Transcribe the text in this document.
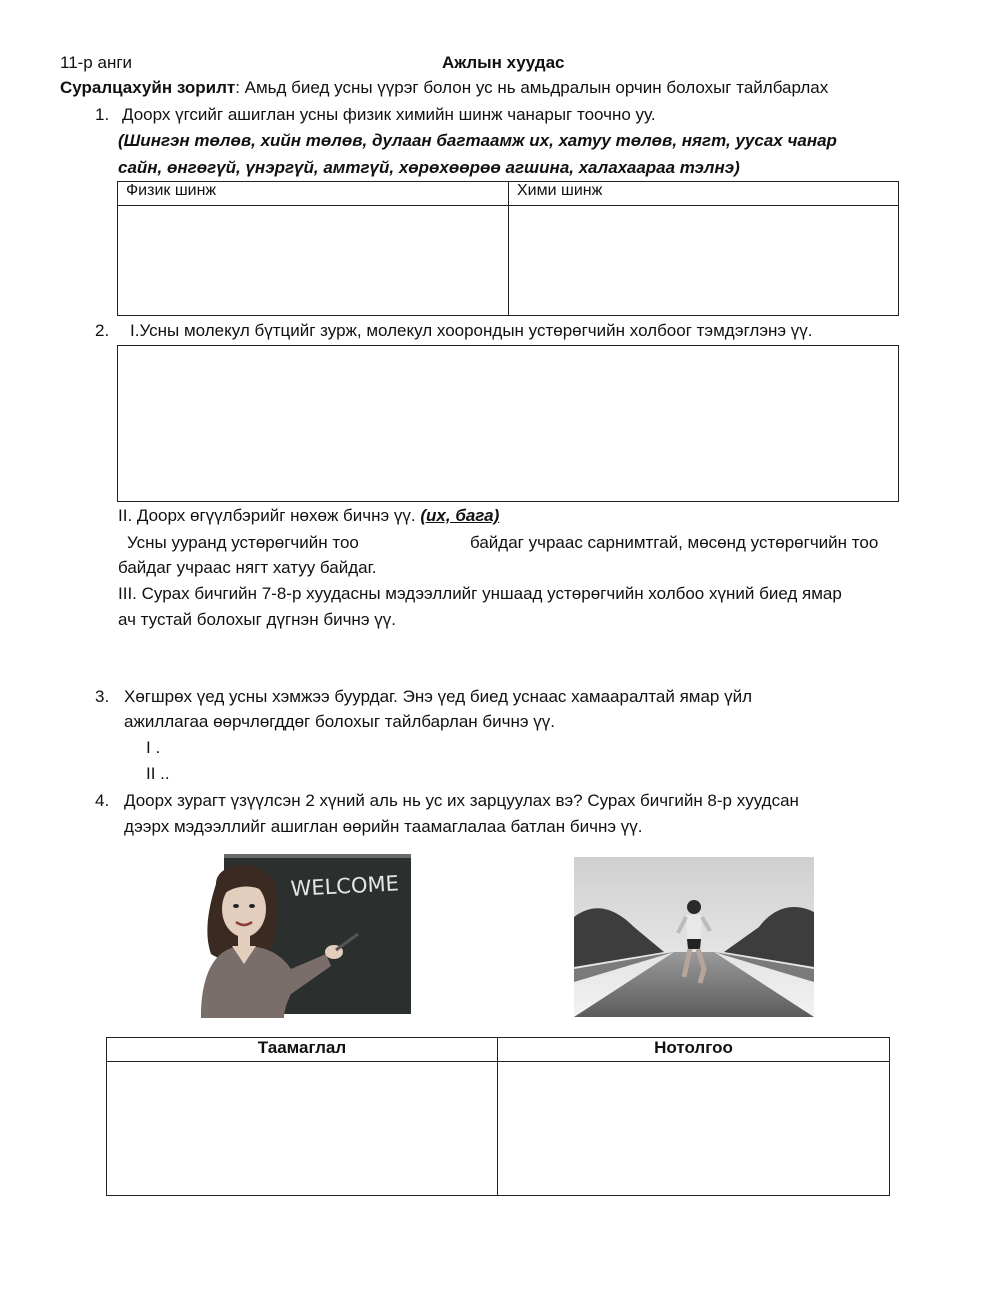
11-р анги	Ажлын хуудас
Суралцахуйн зорилт: Амьд биед усны үүрэг болон ус нь амьдралын орчин болохыг тайлбарлах
1. Доорх үгсийг ашиглан усны физик химийн шинж чанарыг тоочно уу.
(Шингэн төлөв, хийн төлөв, дулаан багтаамж их, хатуу төлөв, нягт, уусах чанар
сайн, өнгөгүй, үнэргүй, амтгүй, хөрөхөөрөө агшина, халахаараа тэлнэ)
Физик шинж	Хими шинж

2. I.Усны молекул бүтцийг зурж, молекул хоорондын устөрөгчийн холбоог тэмдэглэнэ үү.
II. Доорх өгүүлбэрийг нөхөж бичнэ үү. (их, бага)
Усны ууранд устөрөгчийн тоо	байдаг учраас сарнимтгай, мөсөнд устөрөгчийн тоо
байдаг учраас нягт хатуу байдаг.
III. Сурах бичгийн 7-8-р хуудасны мэдээллийг уншаад устөрөгчийн холбоо хүний биед ямар
ач тустай болохыг дүгнэн бичнэ үү.
3. Хөгшрөх үед усны хэмжээ буурдаг. Энэ үед биед уснаас хамааралтай ямар үйл
ажиллагаа өөрчлөгддөг болохыг тайлбарлан бичнэ үү.
I .
II ..
4. Доорх зурагт үзүүлсэн 2 хүний аль нь ус их зарцуулах вэ? Сурах бичгийн 8-р хуудсан
дээрх мэдээллийг ашиглан өөрийн таамаглалаа батлан бичнэ үү.
WELCOME
Таамаглал	Нотолгоо
